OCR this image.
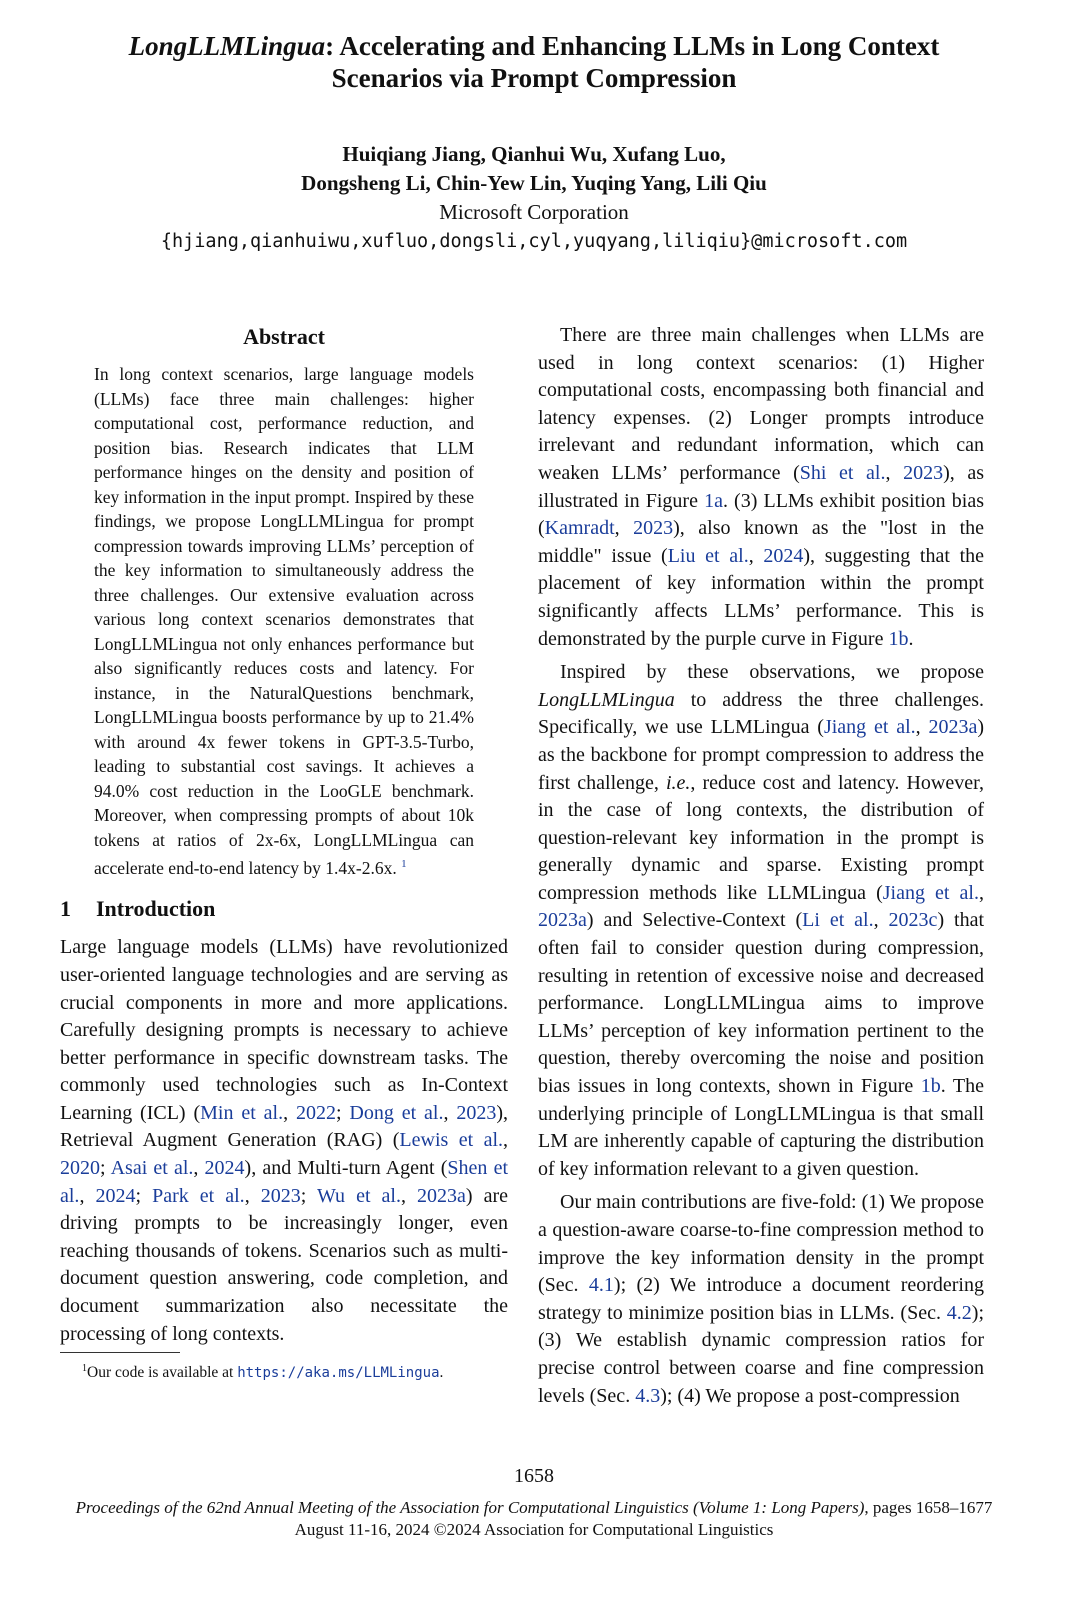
LongLLMLingua: Accelerating and Enhancing LLMs in Long Context
Scenarios via Prompt Compression
Huiqiang Jiang, Qianhui Wu, Xufang Luo,
Dongsheng Li, Chin-Yew Lin, Yuqing Yang, Lili Qiu
Microsoft Corporation
{hjiang,qianhuiwu,xufluo,dongsli,cyl,yuqyang,liliqiu}@microsoft.com
Abstract

In long context scenarios, large language models (LLMs) face three main challenges: higher computational cost, performance reduction, and position bias. Research indicates that LLM performance hinges on the density and position of key information in the input prompt. Inspired by these findings, we propose LongLLMLingua for prompt compression towards improving LLMs’ perception of the key information to simultaneously address the three challenges. Our extensive evaluation across various long context scenarios demonstrates that LongLLMLingua not only enhances performance but also significantly reduces costs and latency. For instance, in the NaturalQuestions benchmark, LongLLMLingua boosts performance by up to 21.4% with around 4x fewer tokens in GPT-3.5-Turbo, leading to substantial cost savings. It achieves a 94.0% cost reduction in the LooGLE benchmark. Moreover, when compressing prompts of about 10k tokens at ratios of 2x-6x, LongLLMLingua can accelerate end-to-end latency by 1.4x-2.6x. $^1$

1 Introduction

Large language models (LLMs) have revolutionized user-oriented language technologies and are serving as crucial components in more and more applications. Carefully designing prompts is necessary to achieve better performance in specific downstream tasks. The commonly used technologies such as In-Context Learning (ICL) (Min et al., 2022; Dong et al., 2023), Retrieval Augment Generation (RAG) (Lewis et al., 2020; Asai et al., 2024), and Multi-turn Agent (Shen et al., 2024; Park et al., 2023; Wu et al., 2023a) are driving prompts to be increasingly longer, even reaching thousands of tokens. Scenarios such as multi-document question answering, code completion, and document summarization also necessitate the processing of long contexts.

$^1$Our code is available at https://aka.ms/LLMLingua.

There are three main challenges when LLMs are used in long context scenarios: (1) Higher computational costs, encompassing both financial and latency expenses. (2) Longer prompts introduce irrelevant and redundant information, which can weaken LLMs’ performance (Shi et al., 2023), as illustrated in Figure 1a. (3) LLMs exhibit position bias (Kamradt, 2023), also known as the "lost in the middle" issue (Liu et al., 2024), suggesting that the placement of key information within the prompt significantly affects LLMs’ performance. This is demonstrated by the purple curve in Figure 1b.

Inspired by these observations, we propose LongLLMLingua to address the three challenges. Specifically, we use LLMLingua (Jiang et al., 2023a) as the backbone for prompt compression to address the first challenge, i.e., reduce cost and latency. However, in the case of long contexts, the distribution of question-relevant key information in the prompt is generally dynamic and sparse. Existing prompt compression methods like LLMLingua (Jiang et al., 2023a) and Selective-Context (Li et al., 2023c) that often fail to consider question during compression, resulting in retention of excessive noise and decreased performance. LongLLMLingua aims to improve LLMs’ perception of key information pertinent to the question, thereby overcoming the noise and position bias issues in long contexts, shown in Figure 1b. The underlying principle of LongLLMLingua is that small LM are inherently capable of capturing the distribution of key information relevant to a given question.

Our main contributions are five-fold: (1) We propose a question-aware coarse-to-fine compression method to improve the key information density in the prompt (Sec. 4.1); (2) We introduce a document reordering strategy to minimize position bias in LLMs. (Sec. 4.2); (3) We establish dynamic compression ratios for precise control between coarse and fine compression levels (Sec. 4.3); (4) We propose a post-compression

1658
Proceedings of the 62nd Annual Meeting of the Association for Computational Linguistics (Volume 1: Long Papers), pages 1658–1677
August 11-16, 2024 ©2024 Association for Computational Linguistics
